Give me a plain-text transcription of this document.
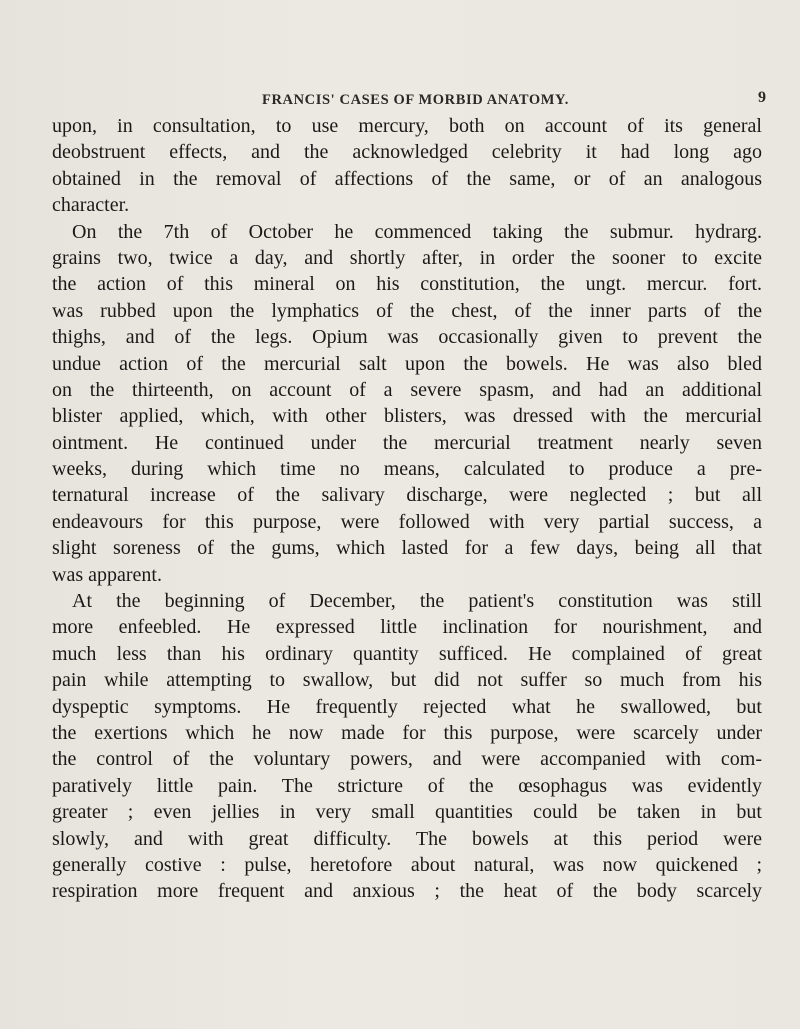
FRANCIS' CASES OF MORBID ANATOMY.	9
upon, in consultation, to use mercury, both on account of its general
deobstruent effects, and the acknowledged celebrity it had long ago
obtained in the removal of affections of the same, or of an analogous
character.
On the 7th of October he commenced taking the submur. hydrarg.
grains two, twice a day, and shortly after, in order the sooner to excite
the action of this mineral on his constitution, the ungt. mercur. fort.
was rubbed upon the lymphatics of the chest, of the inner parts of the
thighs, and of the legs. Opium was occasionally given to prevent the
undue action of the mercurial salt upon the bowels. He was also bled
on the thirteenth, on account of a severe spasm, and had an additional
blister applied, which, with other blisters, was dressed with the mercurial
ointment. He continued under the mercurial treatment nearly seven
weeks, during which time no means, calculated to produce a pre-
ternatural increase of the salivary discharge, were neglected ; but all
endeavours for this purpose, were followed with very partial success, a
slight soreness of the gums, which lasted for a few days, being all that
was apparent.
At the beginning of December, the patient's constitution was still
more enfeebled. He expressed little inclination for nourishment, and
much less than his ordinary quantity sufficed. He complained of great
pain while attempting to swallow, but did not suffer so much from his
dyspeptic symptoms. He frequently rejected what he swallowed, but
the exertions which he now made for this purpose, were scarcely under
the control of the voluntary powers, and were accompanied with com-
paratively little pain. The stricture of the œsophagus was evidently
greater ; even jellies in very small quantities could be taken in but
slowly, and with great difficulty. The bowels at this period were
generally costive : pulse, heretofore about natural, was now quickened ;
respiration more frequent and anxious ; the heat of the body scarcely
